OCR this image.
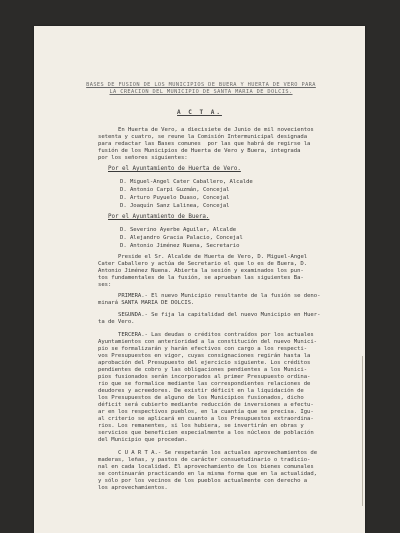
BASES DE FUSION DE LOS MUNICIPIOS DE BUERA Y HUERTA DE VERO PARA
LA CREACION DEL MUNICIPIO DE SANTA MARIA DE DOLCIS.
A C T A.
En Huerta de Vero, a diecisiete de Junio de mil novecientos
setenta y cuatro, se reune la Comisión Intermunicipal designada
para redactar las Bases comunes  por las que habrá de regirse la
fusión de los Municipios de Huerta de Vero y Buera, integrada
por los señores siguientes:
Por el Ayuntamiento de Huerta de Vero.
D. Miguel-Angel Cater Caballero, Alcalde
D. Antonio Carpi Guzmán, Concejal
D. Arturo Puyuelo Duaso, Concejal
D. Joaquín Sanz Lalinea, Concejal
Por el Ayuntamiento de Buera.
D. Severino Ayerbe Aguilar, Alcalde
D. Alejandro Gracia Palacio, Concejal
D. Antonio Jiménez Nuena, Secretario
Preside el Sr. Alcalde de Huerta de Vero, D. Miguel-Angel
Cater Caballero y actúa de Secretario el que lo es de Buera, D.
Antonio Jiménez Nuena. Abierta la sesión y examinados los pun-
tos fundamentales de la fusión, se aprueban las siguientes Ba-
ses:
PRIMERA.- El nuevo Municipio resultante de la fusión se deno-
minará SANTA MARIA DE DOLCIS.
SEGUNDA.- Se fija la capitalidad del nuevo Municipio en Huer-
ta de Vero.
TERCERA.- Las deudas o créditos contraídos por los actuales
Ayuntamientos con anterioridad a la constitución del nuevo Munici-
pio se formalizarán y harán efectivos con cargo a los respecti-
vos Presupuestos en vigor, cuyas consignaciones regirán hasta la
aprobación del Presupuesto del ejercicio siguiente. Los créditos
pendientes de cobro y las obligaciones pendientes a los Munici-
pios fusionados serán incorporados al primer Presupuesto ordina-
rio que se formalice mediante las correspondientes relaciones de
deudores y acreedores. De existir déficit en la liquidación de
los Presupuestos de alguno de los Municipios fusionados, dicho
déficit será cubierto mediante reducción de inversiones a efectu-
ar en los respectivos pueblos, en la cuantía que se precisa. Igu-
al criterio se aplicará en cuanto a los Presupuestos extraordina-
rios. Los remanentes, si los hubiera, se invertirán en obras y
servicios que beneficien especialmente a los núcleos de población
del Municipio que procedan.
C U A R T A.- Se respetarán los actuales aprovechamientos de
maderas, leñas, y pastos de carácter consuetudinario o tradicio-
nal en cada localidad. El aprovechamiento de los bienes comunales
se continuarán practicando en la misma forma que en la actualidad,
y sólo por los vecinos de los pueblos actualmente con derecho a
los aprovechamientos.
